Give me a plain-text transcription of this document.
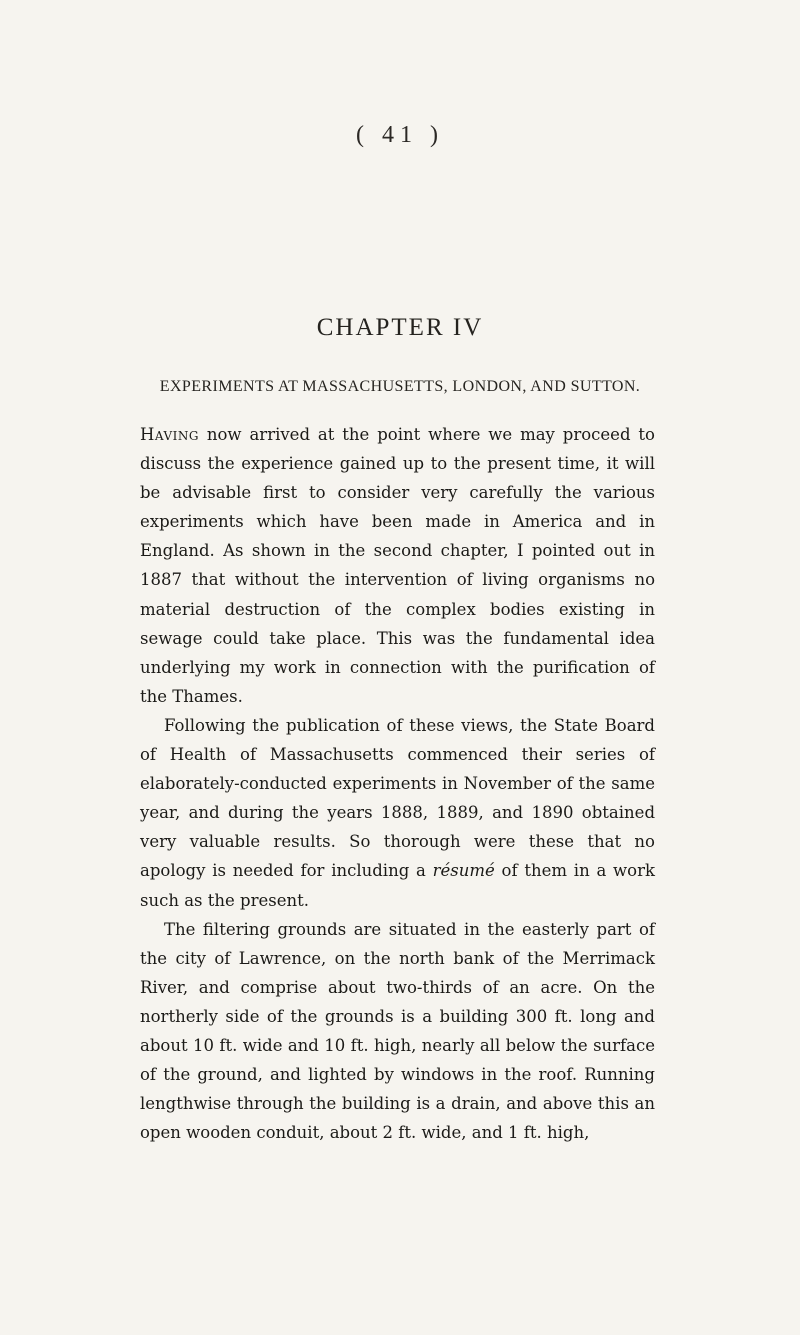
( 41 )
CHAPTER IV
EXPERIMENTS AT MASSACHUSETTS, LONDON, AND SUTTON.

Having now arrived at the point where we may proceed to discuss the experience gained up to the present time, it will be advisable first to consider very carefully the various experiments which have been made in America and in England. As shown in the second chapter, I pointed out in 1887 that without the intervention of living organisms no material destruction of the complex bodies existing in sewage could take place. This was the fundamental idea underlying my work in connection with the purification of the Thames.

Following the publication of these views, the State Board of Health of Massachusetts commenced their series of elaborately-conducted experiments in November of the same year, and during the years 1888, 1889, and 1890 obtained very valuable results. So thorough were these that no apology is needed for including a résumé of them in a work such as the present.

The filtering grounds are situated in the easterly part of the city of Lawrence, on the north bank of the Merrimack River, and comprise about two-thirds of an acre. On the northerly side of the grounds is a building 300 ft. long and about 10 ft. wide and 10 ft. high, nearly all below the surface of the ground, and lighted by windows in the roof. Running lengthwise through the building is a drain, and above this an open wooden conduit, about 2 ft. wide, and 1 ft. high,
